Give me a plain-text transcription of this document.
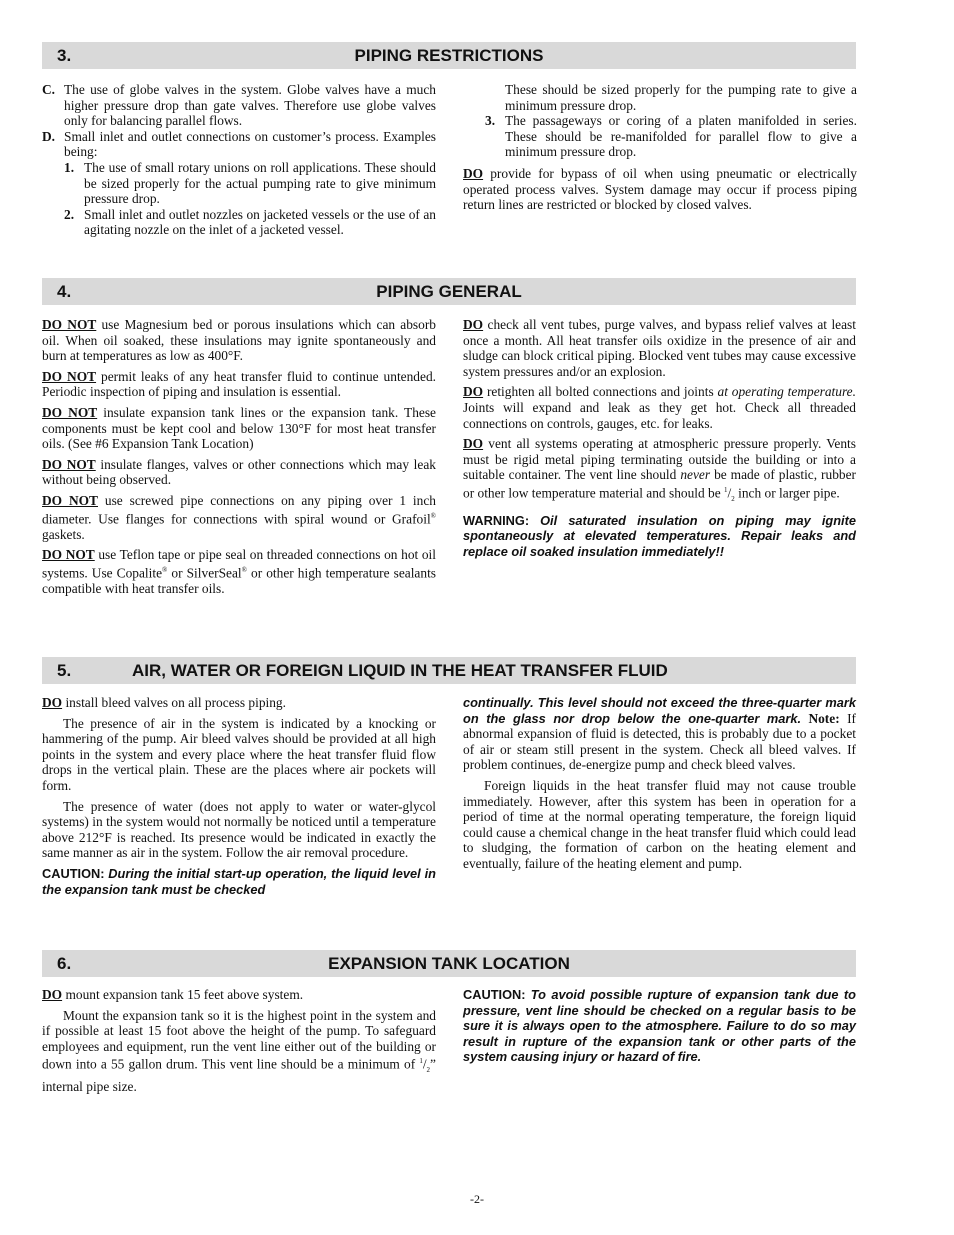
3.	PIPING RESTRICTIONS
C. The use of globe valves in the system. Globe valves have a much higher pressure drop than gate valves. Therefore use globe valves only for balancing parallel flows.
D. Small inlet and outlet connections on customer’s process. Examples being:
1. The use of small rotary unions on roll applications. These should be sized properly for the actual pumping rate to give minimum pressure drop.
2. Small inlet and outlet nozzles on jacketed vessels or the use of an agitating nozzle on the inlet of a jacketed vessel.
These should be sized properly for the pumping rate to give a minimum pressure drop.
3. The passageways or coring of a platen manifolded in series. These should be re-manifolded for parallel flow to give a minimum pressure drop.

DO provide for bypass of oil when using pneumatic or electrically operated process valves. System damage may occur if process piping return lines are restricted or blocked by closed valves.

4.	PIPING GENERAL

DO NOT use Magnesium bed or porous insulations which can absorb oil. When oil soaked, these insulations may ignite spontaneously and burn at temperatures as low as 400°F.

DO NOT permit leaks of any heat transfer fluid to continue untended. Periodic inspection of piping and insulation is essential.

DO NOT insulate expansion tank lines or the expansion tank. These components must be kept cool and below 130°F for most heat transfer oils. (See #6 Expansion Tank Location)

DO NOT insulate flanges, valves or other connections which may leak without being observed.

DO NOT use screwed pipe connections on any piping over 1 inch diameter. Use flanges for connections with spiral wound or Grafoil® gaskets.

DO NOT use Teflon tape or pipe seal on threaded connections on hot oil systems. Use Copalite® or SilverSeal® or other high temperature sealants compatible with heat transfer oils.

DO check all vent tubes, purge valves, and bypass relief valves at least once a month. All heat transfer oils oxidize in the presence of air and sludge can block critical piping. Blocked vent tubes may cause excessive system pressures and/or an explosion.

DO retighten all bolted connections and joints at operating temperature. Joints will expand and leak as they get hot. Check all threaded connections on controls, gauges, etc. for leaks.

DO vent all systems operating at atmospheric pressure properly. Vents must be rigid metal piping terminating outside the building or into a suitable container. The vent line should never be made of plastic, rubber or other low temperature material and should be $^1/_2$ inch or larger pipe.

WARNING: Oil saturated insulation on piping may ignite spontaneously at elevated temperatures. Repair leaks and replace oil soaked insulation immediately!!

5.	AIR, WATER OR FOREIGN LIQUID IN THE HEAT TRANSFER FLUID

DO install bleed valves on all process piping.

The presence of air in the system is indicated by a knocking or hammering of the pump. Air bleed valves should be provided at all high points in the system and every place where the heat transfer fluid flow drops in the vertical plain. These are the places where air pockets will form.

The presence of water (does not apply to water or water-glycol systems) in the system would not normally be noticed until a temperature above 212°F is reached. Its presence would be indicated in exactly the same manner as air in the system. Follow the air removal procedure.

CAUTION: During the initial start-up operation, the liquid level in the expansion tank must be checked

continually. This level should not exceed the three-quarter mark on the glass nor drop below the one-quarter mark. Note: If abnormal expansion of fluid is detected, this is probably due to a pocket of air or steam still present in the system. Check all bleed valves. If problem continues, de-energize pump and check bleed valves.

Foreign liquids in the heat transfer fluid may not cause trouble immediately. However, after this system has been in operation for a period of time at the normal operating temperature, the foreign liquid could cause a chemical change in the heat transfer fluid which could lead to sludging, the formation of carbon on the heating element and eventually, failure of the heating element and pump.

6.	EXPANSION TANK LOCATION

DO mount expansion tank 15 feet above system.

Mount the expansion tank so it is the highest point in the system and if possible at least 15 foot above the height of the pump. To safeguard employees and equipment, run the vent line either out of the building or down into a 55 gallon drum. This vent line should be a minimum of $^1/_2$” internal pipe size.

CAUTION: To avoid possible rupture of expansion tank due to pressure, vent line should be checked on a regular basis to be sure it is always open to the atmosphere. Failure to do so may result in rupture of the expansion tank or other parts of the system causing injury or hazard of fire.

-2-
